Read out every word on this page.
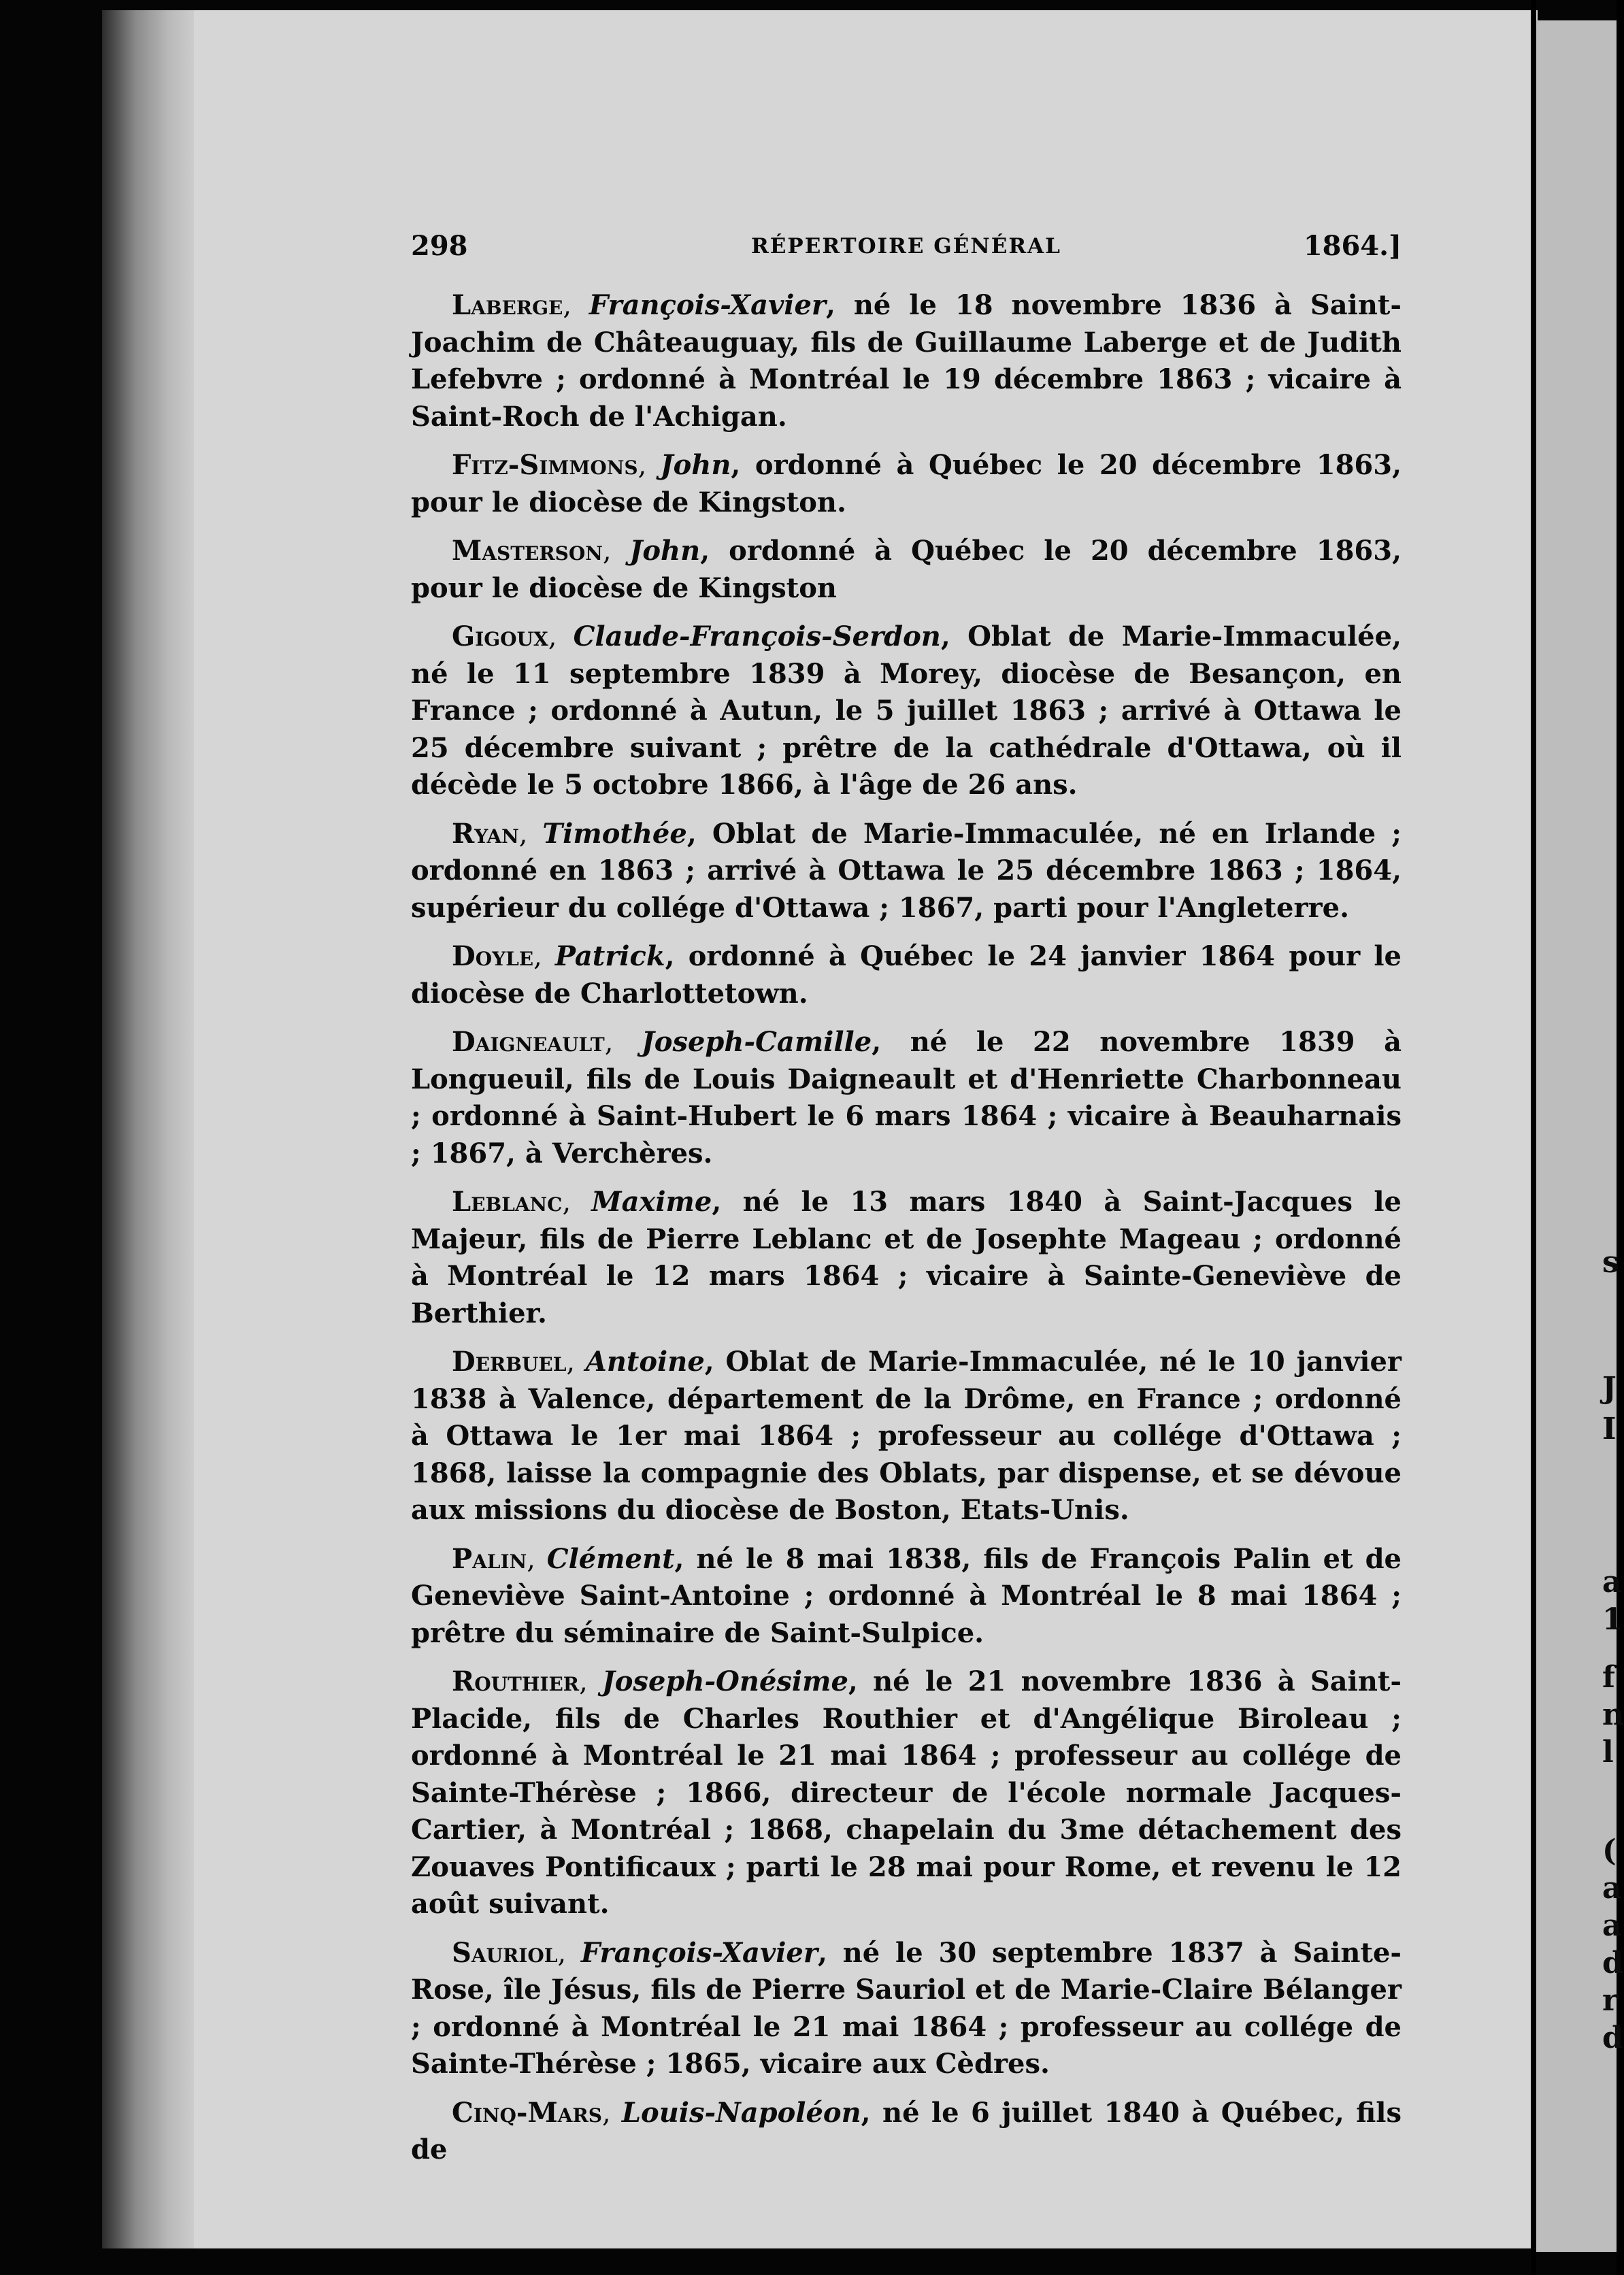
s
J
I
a
1
f
n
l
(
a
a
d
r
d
298	RÉPERTOIRE GÉNÉRAL	1864.]

Laberge, François-Xavier, né le 18 novembre 1836 à Saint-Joachim de Châteauguay, fils de Guillaume Laberge et de Judith Lefebvre ; ordonné à Montréal le 19 décembre 1863 ; vicaire à Saint-Roch de l'Achigan.

Fitz-Simmons, John, ordonné à Québec le 20 décembre 1863, pour le diocèse de Kingston.

Masterson, John, ordonné à Québec le 20 décembre 1863, pour le diocèse de Kingston

Gigoux, Claude-François-Serdon, Oblat de Marie-Immaculée, né le 11 septembre 1839 à Morey, diocèse de Besançon, en France ; ordonné à Autun, le 5 juillet 1863 ; arrivé à Ottawa le 25 décembre suivant ; prêtre de la cathédrale d'Ottawa, où il décède le 5 octobre 1866, à l'âge de 26 ans.

Ryan, Timothée, Oblat de Marie-Immaculée, né en Irlande ; ordonné en 1863 ; arrivé à Ottawa le 25 décembre 1863 ; 1864, supérieur du collége d'Ottawa ; 1867, parti pour l'Angleterre.

Doyle, Patrick, ordonné à Québec le 24 janvier 1864 pour le diocèse de Charlottetown.

Daigneault, Joseph-Camille, né le 22 novembre 1839 à Longueuil, fils de Louis Daigneault et d'Henriette Charbonneau ; ordonné à Saint-Hubert le 6 mars 1864 ; vicaire à Beauharnais ; 1867, à Verchères.

Leblanc, Maxime, né le 13 mars 1840 à Saint-Jacques le Majeur, fils de Pierre Leblanc et de Josephte Mageau ; ordonné à Montréal le 12 mars 1864 ; vicaire à Sainte-Geneviève de Berthier.

Derbuel, Antoine, Oblat de Marie-Immaculée, né le 10 janvier 1838 à Valence, département de la Drôme, en France ; ordonné à Ottawa le 1er mai 1864 ; professeur au collége d'Ottawa ; 1868, laisse la compagnie des Oblats, par dispense, et se dévoue aux missions du diocèse de Boston, Etats-Unis.

Palin, Clément, né le 8 mai 1838, fils de François Palin et de Geneviève Saint-Antoine ; ordonné à Montréal le 8 mai 1864 ; prêtre du séminaire de Saint-Sulpice.

Routhier, Joseph-Onésime, né le 21 novembre 1836 à Saint-Placide, fils de Charles Routhier et d'Angélique Biroleau ; ordonné à Montréal le 21 mai 1864 ; professeur au collége de Sainte-Thérèse ; 1866, directeur de l'école normale Jacques-Cartier, à Montréal ; 1868, chapelain du 3me détachement des Zouaves Pontificaux ; parti le 28 mai pour Rome, et revenu le 12 août suivant.

Sauriol, François-Xavier, né le 30 septembre 1837 à Sainte-Rose, île Jésus, fils de Pierre Sauriol et de Marie-Claire Bélanger ; ordonné à Montréal le 21 mai 1864 ; professeur au collége de Sainte-Thérèse ; 1865, vicaire aux Cèdres.

Cinq-Mars, Louis-Napoléon, né le 6 juillet 1840 à Québec, fils de
